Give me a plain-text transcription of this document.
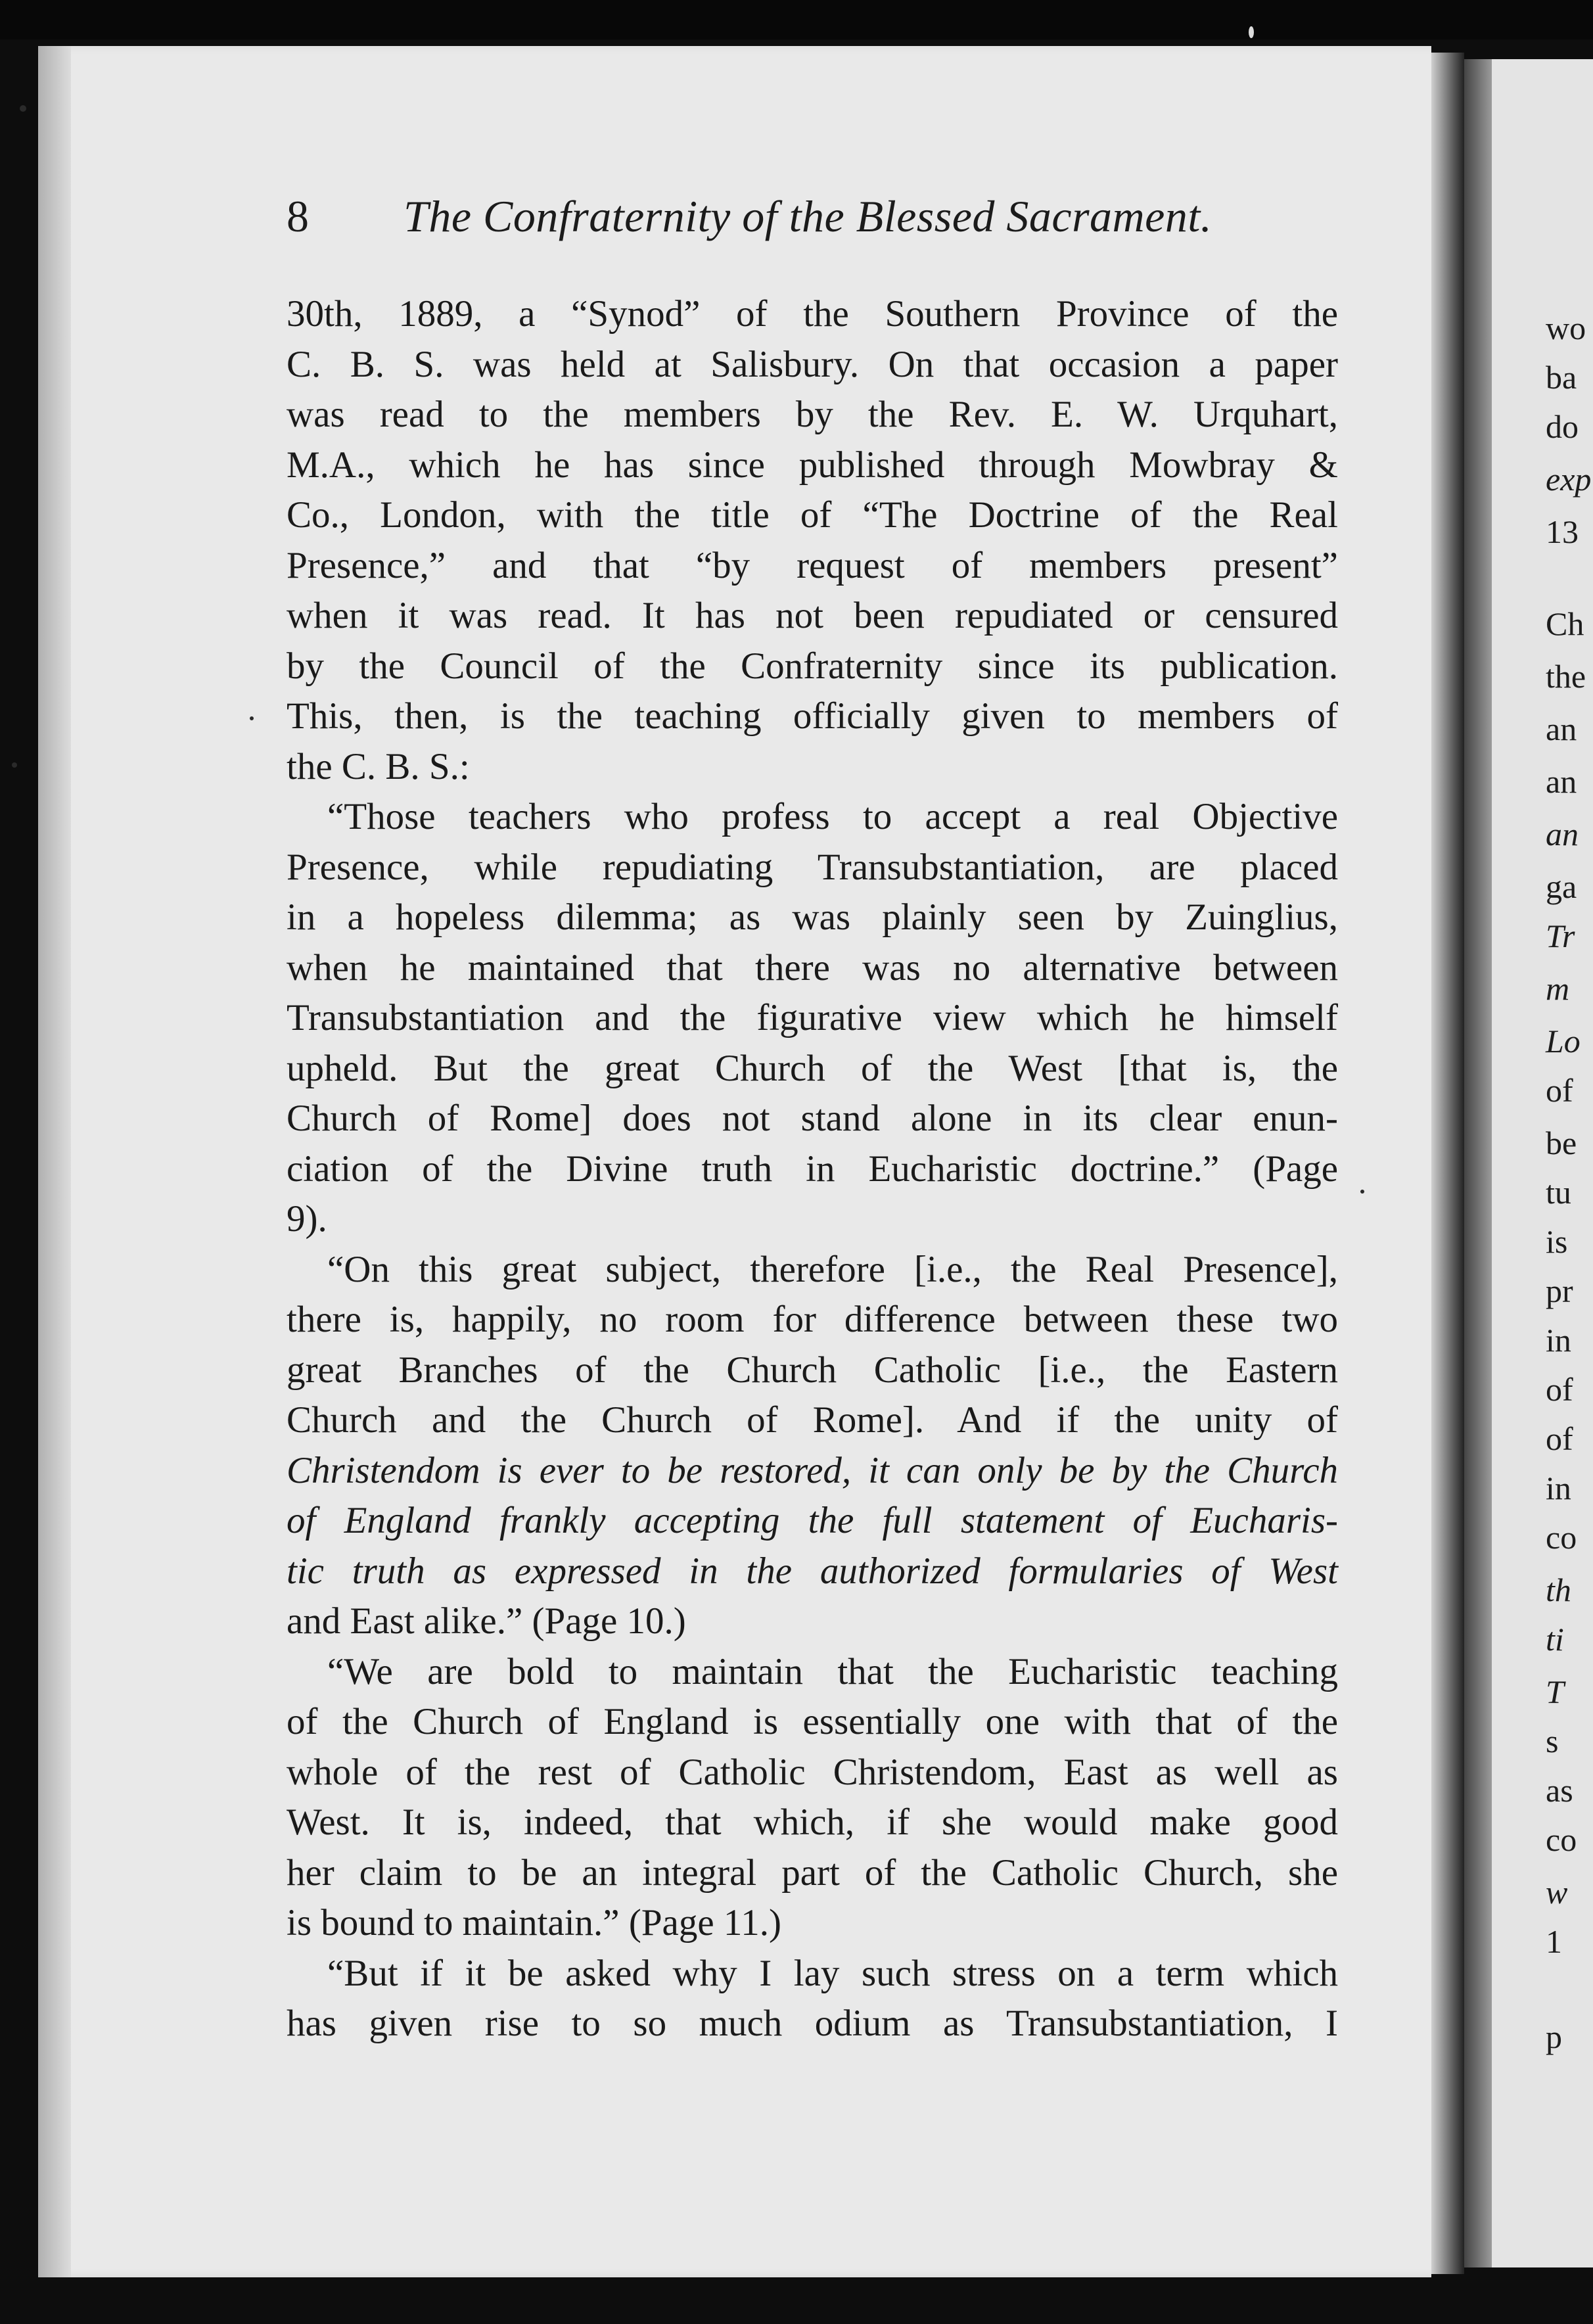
8 The Confraternity of the Blessed Sacrament.
30th, 1889, a “Synod” of the Southern Province of the
C. B. S. was held at Salisbury. On that occasion a paper
was read to the members by the Rev. E. W. Urquhart,
M.A., which he has since published through Mowbray &
Co., London, with the title of “The Doctrine of the Real
Presence,” and that “by request of members present”
when it was read. It has not been repudiated or censured
by the Council of the Confraternity since its publication.
This, then, is the teaching officially given to members of
the C. B. S.:
“Those teachers who profess to accept a real Objective
Presence, while repudiating Transubstantiation, are placed
in a hopeless dilemma; as was plainly seen by Zuinglius,
when he maintained that there was no alternative between
Transubstantiation and the figurative view which he himself
upheld. But the great Church of the West [that is, the
Church of Rome] does not stand alone in its clear enun-
ciation of the Divine truth in Eucharistic doctrine.” (Page
9).
“On this great subject, therefore [i.e., the Real Presence],
there is, happily, no room for difference between these two
great Branches of the Church Catholic [i.e., the Eastern
Church and the Church of Rome]. And if the unity of
Christendom is ever to be restored, it can only be by the Church
of England frankly accepting the full statement of Eucharis-
tic truth as expressed in the authorized formularies of West
and East alike.” (Page 10.)
“We are bold to maintain that the Eucharistic teaching
of the Church of England is essentially one with that of the
whole of the rest of Catholic Christendom, East as well as
West. It is, indeed, that which, if she would make good
her claim to be an integral part of the Catholic Church, she
is bound to maintain.” (Page 11.)
“But if it be asked why I lay such stress on a term which
has given rise to so much odium as Transubstantiation, I
wo
ba
do
exp
13
Ch
the
an
an
an
ga
Tr
m
Lo
of
be
tu
is
pr
in
of
of
in
co
th
ti
T
s
as
co
w
1
p
